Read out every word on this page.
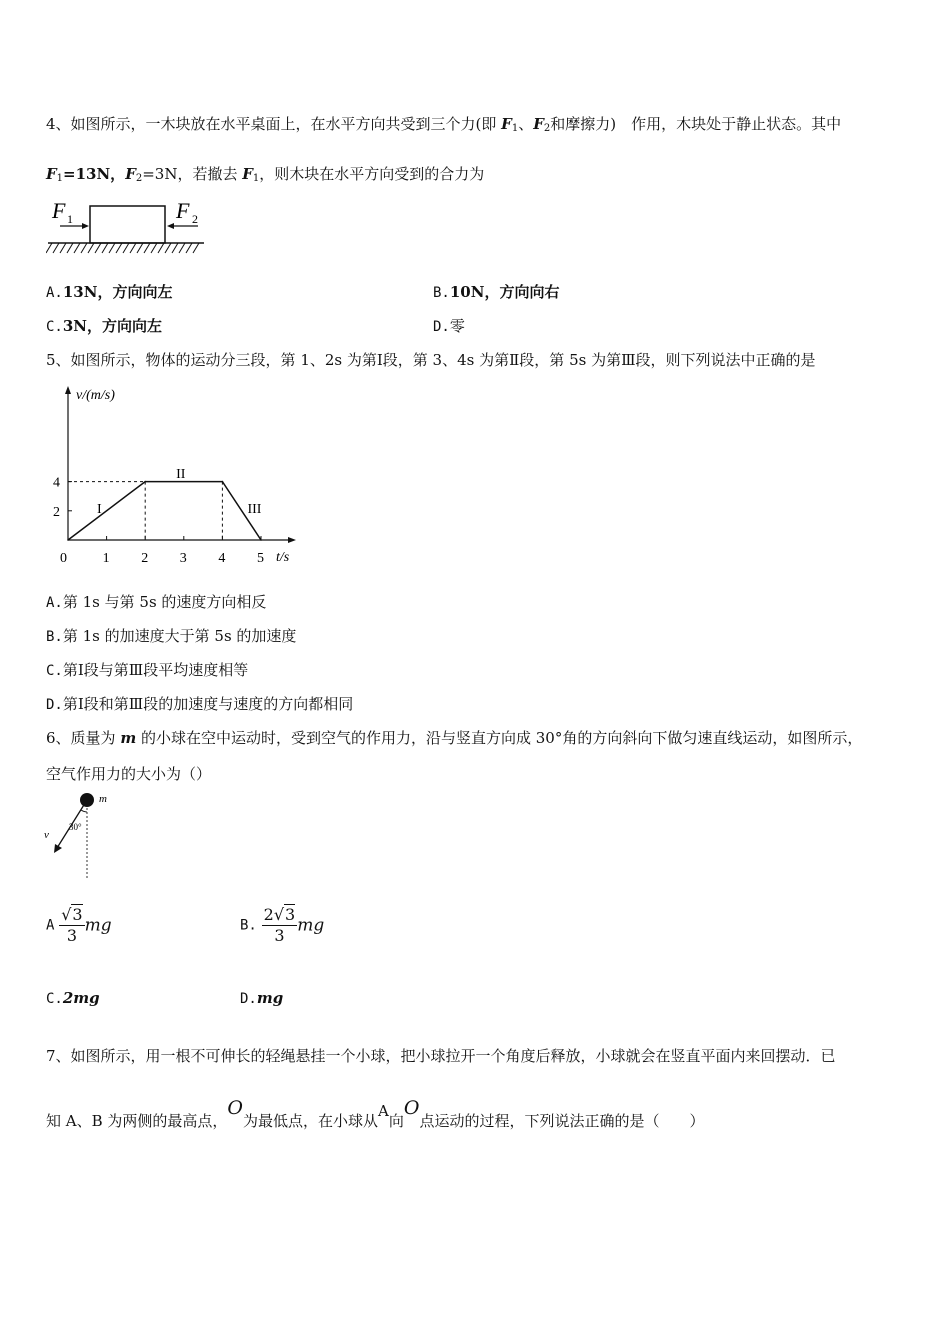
4、如图所示，一木块放在水平桌面上，在水平方向共受到三个力(即 $F_1$、$F_2$和摩擦力)　作用，木块处于静止状态。其中
$F_1=13N$，$F_2=3N$，若撤去 $F_1$，则木块在水平方向受到的合力为
F 1	F 2
A.13N，方向向左	B.10N，方向向右
C.3N，方向向左	D.零
5、如图所示，物体的运动分三段，第 1、2s 为第Ⅰ段，第 3、4s 为第Ⅱ段，第 5s 为第Ⅲ段，则下列说法中正确的是
v/(m/s)
t/s
0	1 2 3 4 5
2
4
I
II
III
A.第 1s 与第 5s 的速度方向相反
B.第 1s 的加速度大于第 5s 的加速度
C.第Ⅰ段与第Ⅲ段平均速度相等
D.第Ⅰ段和第Ⅲ段的加速度与速度的方向都相同
6、质量为 m 的小球在空中运动时，受到空气的作用力，沿与竖直方向成 30°角的方向斜向下做匀速直线运动，如图所示，
空气作用力的大小为（）
m
30°
v
A $\frac{√3}{3}$ mg	B. $\frac{2√3}{3}$ mg
C.2mg	D.mg
7、如图所示，用一根不可伸长的轻绳悬挂一个小球，把小球拉开一个角度后释放，小球就会在竖直平面内来回摆动．已
知 A、B 为两侧的最高点，O为最低点，在小球从A向O点运动的过程，下列说法正确的是（　　）
